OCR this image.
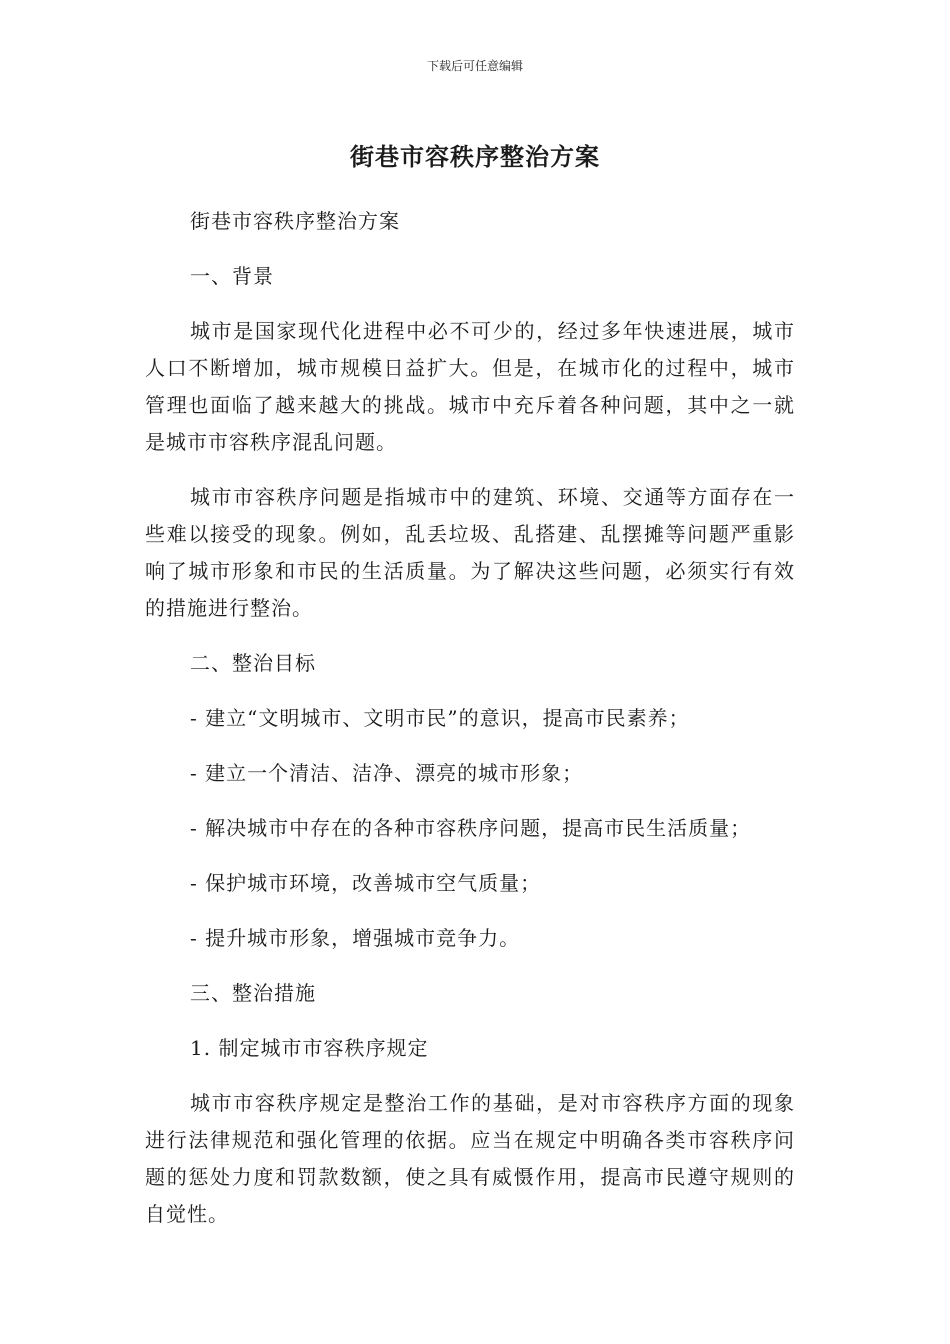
下载后可任意编辑

街巷市容秩序整治方案

街巷市容秩序整治方案

一、背景

城市是国家现代化进程中必不可少的，经过多年快速进展，城市人口不断增加，城市规模日益扩大。但是，在城市化的过程中，城市管理也面临了越来越大的挑战。城市中充斥着各种问题，其中之一就是城市市容秩序混乱问题。

城市市容秩序问题是指城市中的建筑、环境、交通等方面存在一些难以接受的现象。例如，乱丢垃圾、乱搭建、乱摆摊等问题严重影响了城市形象和市民的生活质量。为了解决这些问题，必须实行有效的措施进行整治。

二、整治目标

- 建立“文明城市、文明市民”的意识，提高市民素养；

- 建立一个清洁、洁净、漂亮的城市形象；

- 解决城市中存在的各种市容秩序问题，提高市民生活质量；

- 保护城市环境，改善城市空气质量；

- 提升城市形象，增强城市竞争力。

三、整治措施

1. 制定城市市容秩序规定

城市市容秩序规定是整治工作的基础，是对市容秩序方面的现象进行法律规范和强化管理的依据。应当在规定中明确各类市容秩序问题的惩处力度和罚款数额，使之具有威慑作用，提高市民遵守规则的自觉性。
